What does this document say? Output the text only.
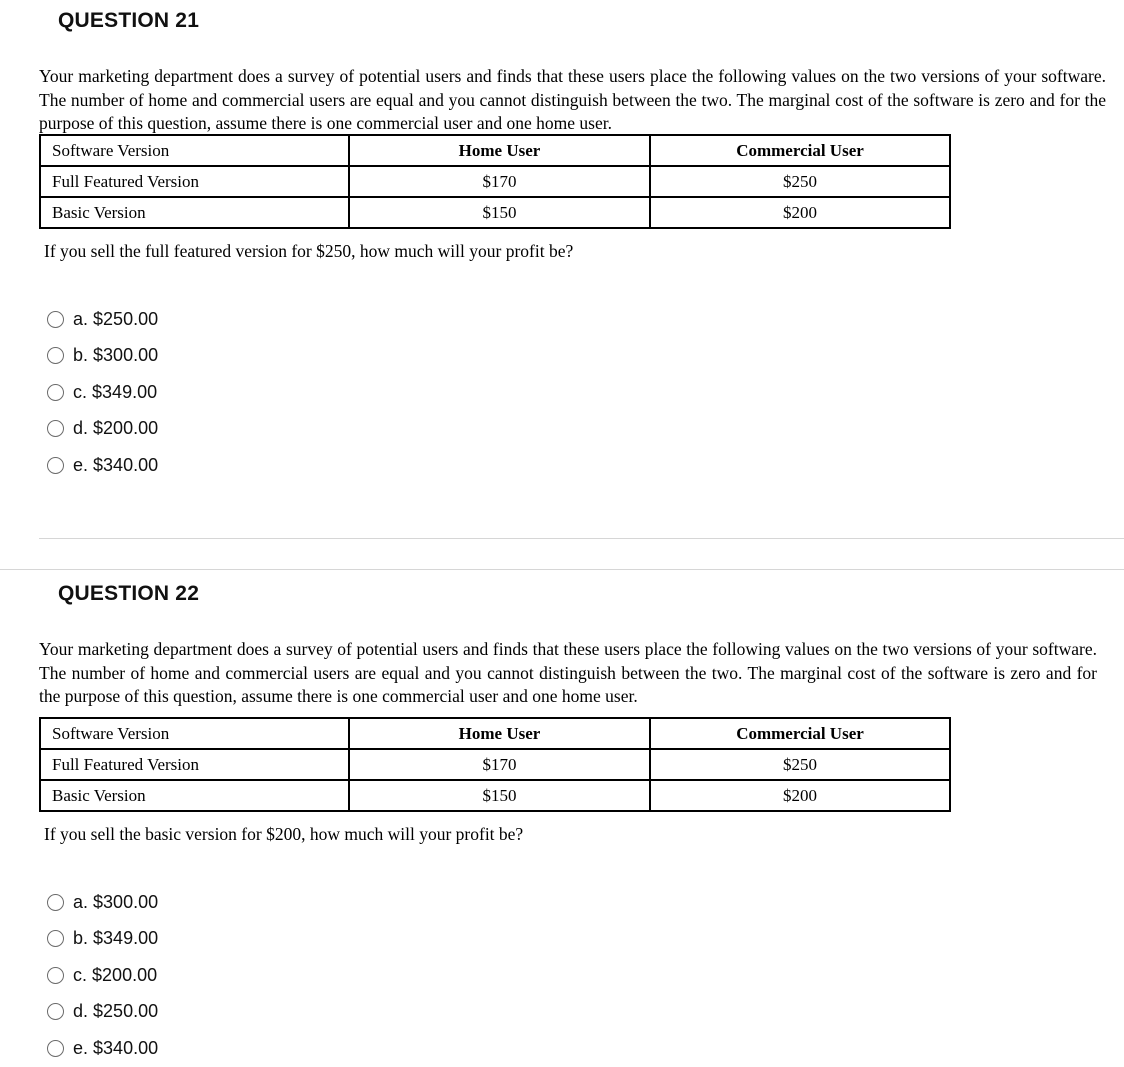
QUESTION 21
Your marketing department does a survey of potential users and finds that these users place the following values on the two versions of your software. The number of home and commercial users are equal and you cannot distinguish between the two. The marginal cost of the software is zero and for the purpose of this question, assume there is one commercial user and one home user.
Software Version	Home User	Commercial User
Full Featured Version	$170	$250
Basic Version	$150	$200
If you sell the full featured version for $250, how much will your profit be?
a. $250.00
b. $300.00
c. $349.00
d. $200.00
e. $340.00
QUESTION 22
Your marketing department does a survey of potential users and finds that these users place the following values on the two versions of your software. The number of home and commercial users are equal and you cannot distinguish between the two. The marginal cost of the software is zero and for the purpose of this question, assume there is one commercial user and one home user.
Software Version	Home User	Commercial User
Full Featured Version	$170	$250
Basic Version	$150	$200
If you sell the basic version for $200, how much will your profit be?
a. $300.00
b. $349.00
c. $200.00
d. $250.00
e. $340.00
